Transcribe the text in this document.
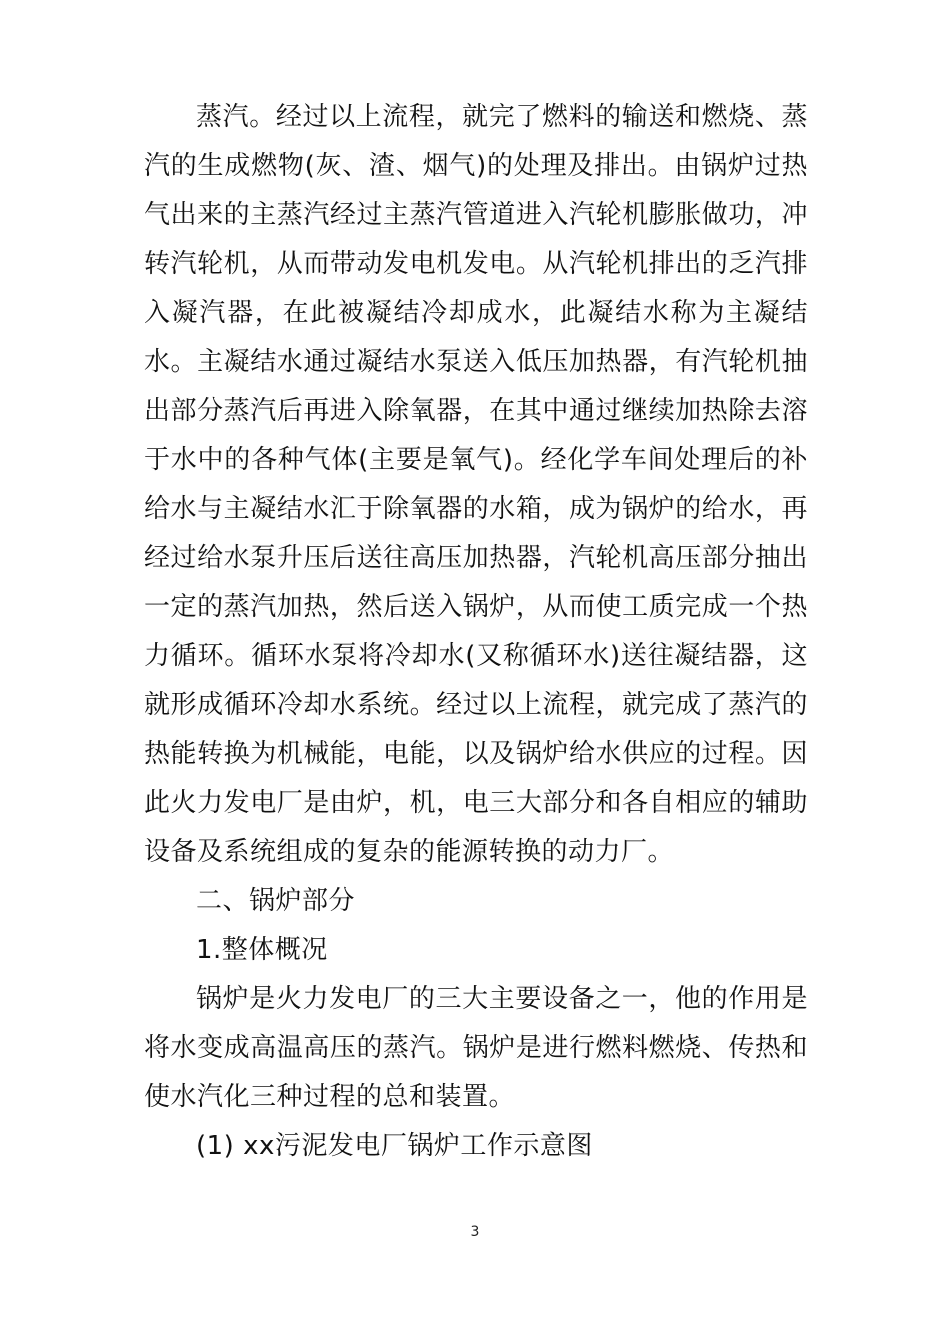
蒸汽。经过以上流程，就完了燃料的输送和燃烧、蒸汽的生成燃物(灰、渣、烟气)的处理及排出。由锅炉过热气出来的主蒸汽经过主蒸汽管道进入汽轮机膨胀做功，冲转汽轮机，从而带动发电机发电。从汽轮机排出的乏汽排入凝汽器，在此被凝结冷却成水，此凝结水称为主凝结水。主凝结水通过凝结水泵送入低压加热器，有汽轮机抽出部分蒸汽后再进入除氧器，在其中通过继续加热除去溶于水中的各种气体(主要是氧气)。经化学车间处理后的补给水与主凝结水汇于除氧器的水箱，成为锅炉的给水，再经过给水泵升压后送往高压加热器，汽轮机高压部分抽出一定的蒸汽加热，然后送入锅炉，从而使工质完成一个热力循环。循环水泵将冷却水(又称循环水)送往凝结器，这就形成循环冷却水系统。经过以上流程，就完成了蒸汽的热能转换为机械能，电能，以及锅炉给水供应的过程。因此火力发电厂是由炉，机，电三大部分和各自相应的辅助设备及系统组成的复杂的能源转换的动力厂。

二、锅炉部分

1.整体概况

锅炉是火力发电厂的三大主要设备之一，他的作用是将水变成高温高压的蒸汽。锅炉是进行燃料燃烧、传热和使水汽化三种过程的总和装置。

(1) xx污泥发电厂锅炉工作示意图

3
